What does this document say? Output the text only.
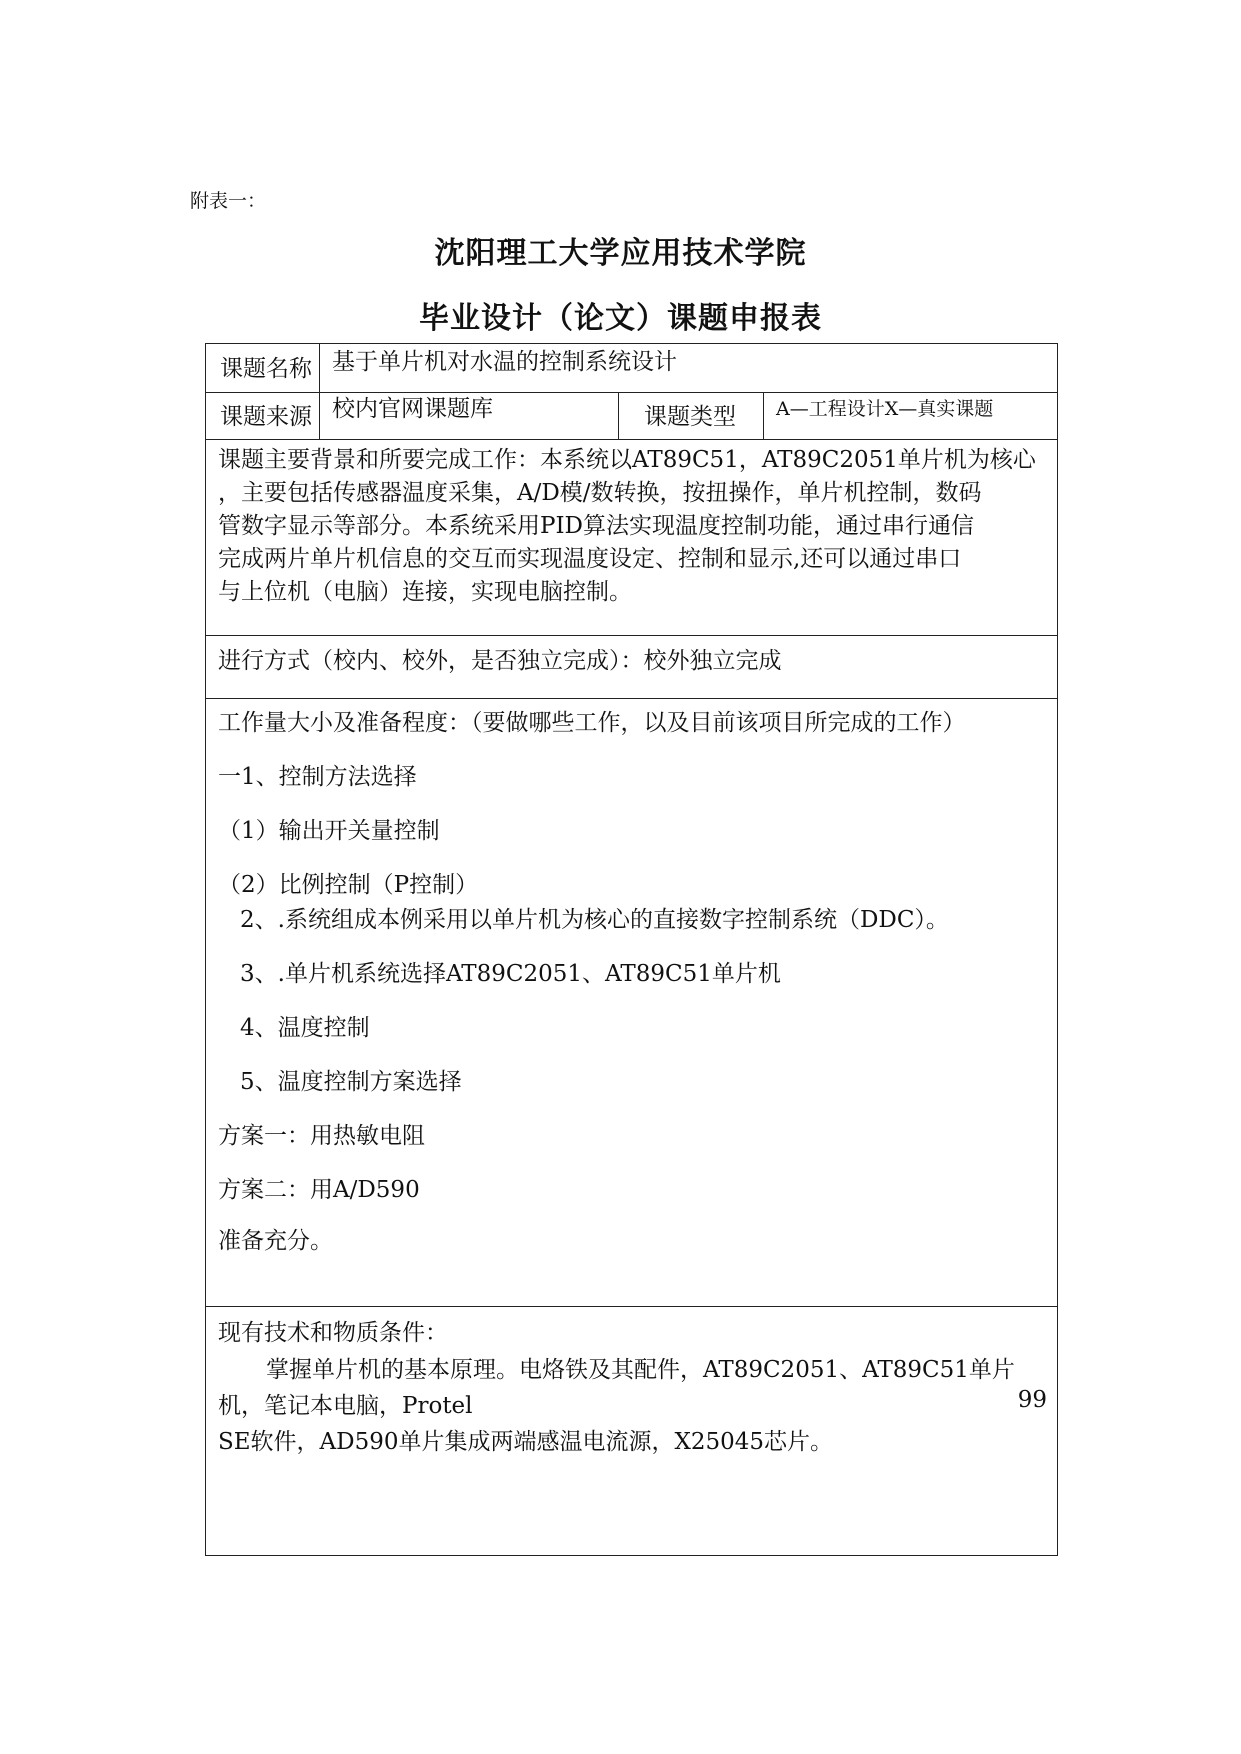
附表一：
沈阳理工大学应用技术学院
毕业设计（论文）课题申报表
课题名称 基于单片机对水温的控制系统设计
课题来源 校内官网课题库	课题类型 A—工程设计X—真实课题

课题主要背景和所要完成工作：本系统以AT89C51，AT89C2051单片机为核心

，主要包括传感器温度采集，A/D模/数转换，按扭操作，单片机控制，数码

管数字显示等部分。本系统采用PID算法实现温度控制功能，通过串行通信

完成两片单片机信息的交互而实现温度设定、控制和显示,还可以通过串口

与上位机（电脑）连接，实现电脑控制。

进行方式（校内、校外，是否独立完成）：校外独立完成
工作量大小及准备程度：（要做哪些工作，以及目前该项目所完成的工作）
一1、控制方法选择
（1）输出开关量控制
（2）比例控制（P控制）
2、.系统组成本例采用以单片机为核心的直接数字控制系统（DDC）。
3、.单片机系统选择AT89C2051、AT89C51单片机
4、温度控制
5、温度控制方案选择
方案一：用热敏电阻
方案二：用A/D590
准备充分。
现有技术和物质条件：
掌握单片机的基本原理。电烙铁及其配件，AT89C2051、AT89C51单片
机，笔记本电脑，Protel	99
SE软件，AD590单片集成两端感温电流源，X25045芯片。
